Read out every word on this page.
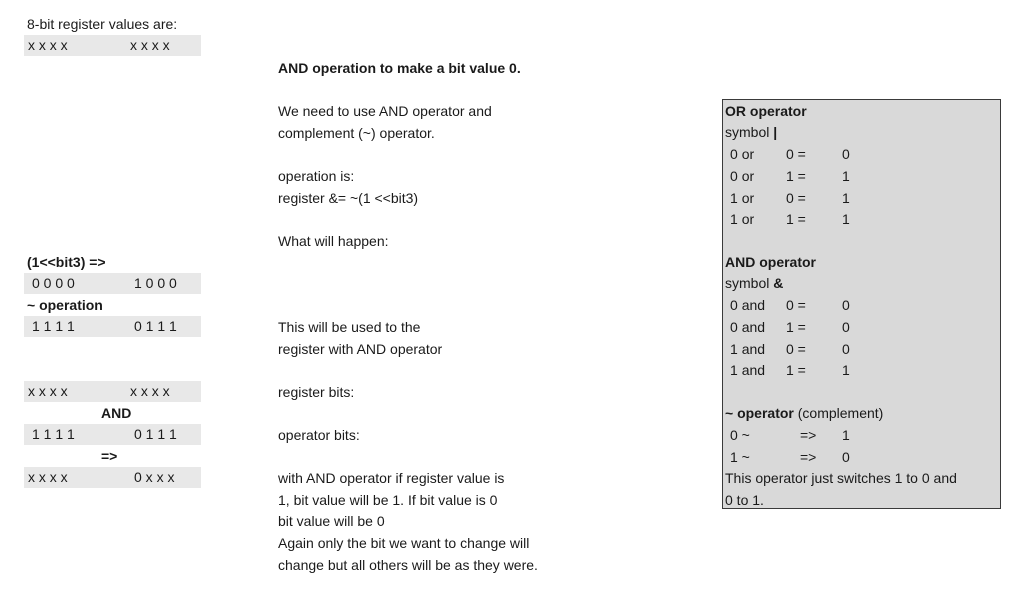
8-bit register values are:
x x x x	x x x x
(1<<bit3) =>
0 0 0 0	1 0 0 0
~ operation
1 1 1 1	0 1 1 1
x x x x	x x x x
AND
1 1 1 1	0 1 1 1
=>
x x x x	0 x x x
AND operation to make a bit value 0.
We need to use AND operator and
complement (~) operator.
operation is:
register &= ~(1 <<bit3)
What will happen:
This will be used to the
register with AND operator
register bits:
operator bits:
with AND operator if register value is
1, bit value will be 1. If bit value is 0
bit value will be 0
Again only the bit we want to change will
change but all others will be as they were.
OR operator
symbol |
0 or 0 =	0
0 or 1 =	1
1 or 0 =	1
1 or 1 =	1
AND operator
symbol &
0 and 0 =	0
0 and 1 =	0
1 and 0 =	0
1 and 1 =	1
~ operator (complement)
0 ~	=> 1
1 ~	=> 0
This operator just switches 1 to 0 and
0 to 1.
